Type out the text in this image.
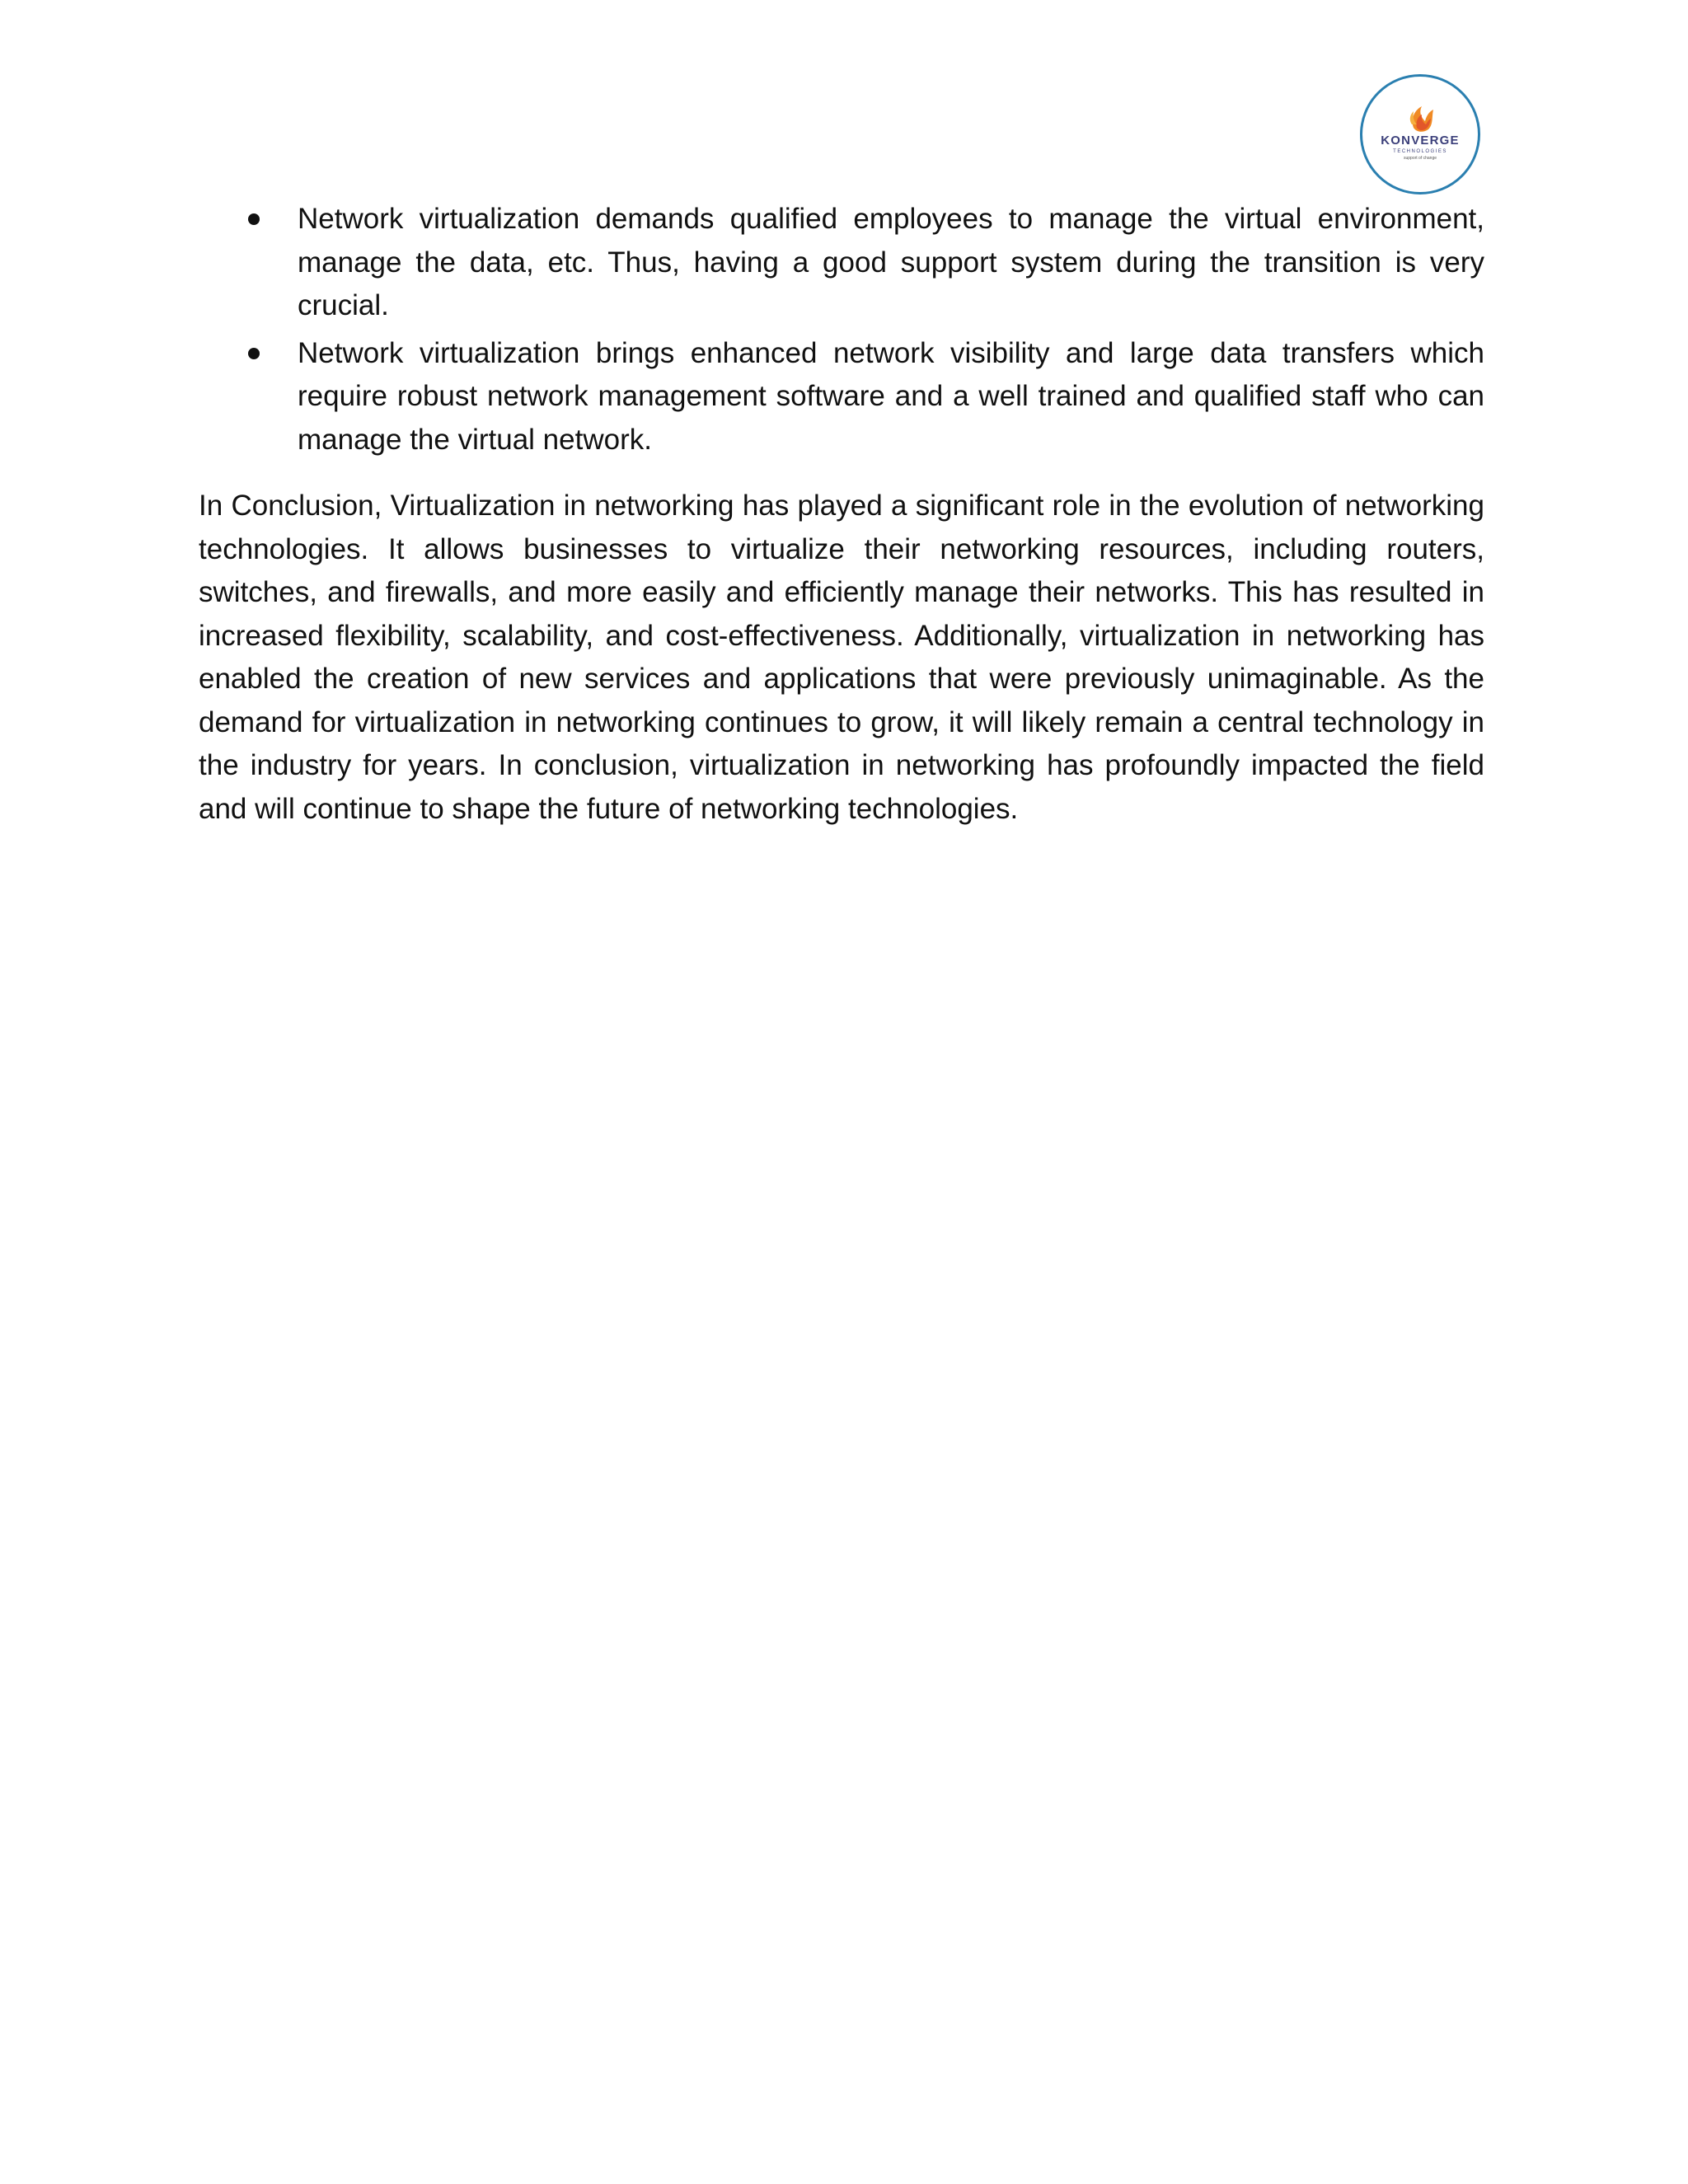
KONVERGE
TECHNOLOGIES
support of change
Network virtualization demands qualified employees to manage the virtual environment, manage the data, etc. Thus, having a good support system during the transition is very crucial.
Network virtualization brings enhanced network visibility and large data transfers which require robust network management software and a well trained and qualified staff who can manage the virtual network.

In Conclusion, Virtualization in networking has played a significant role in the evolution of networking technologies. It allows businesses to virtualize their networking resources, including routers, switches, and firewalls, and more easily and efficiently manage their networks. This has resulted in increased flexibility, scalability, and cost-effectiveness. Additionally, virtualization in networking has enabled the creation of new services and applications that were previously unimaginable. As the demand for virtualization in networking continues to grow, it will likely remain a central technology in the industry for years. In conclusion, virtualization in networking has profoundly impacted the field and will continue to shape the future of networking technologies.
